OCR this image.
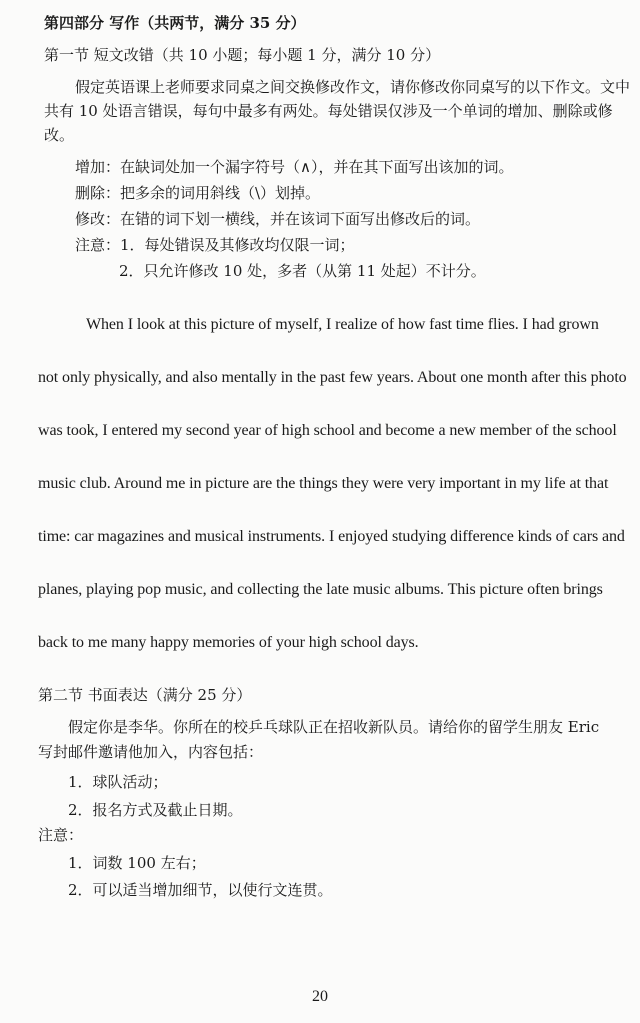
第四部分 写作（共两节，满分 35 分）
第一节 短文改错（共 10 小题；每小题 1 分，满分 10 分）
假定英语课上老师要求同桌之间交换修改作文，请你修改你同桌写的以下作文。文中
共有 10 处语言错误，每句中最多有两处。每处错误仅涉及一个单词的增加、删除或修
改。
增加：在缺词处加一个漏字符号（∧），并在其下面写出该加的词。
删除：把多余的词用斜线（\）划掉。
修改：在错的词下划一横线，并在该词下面写出修改后的词。
注意：1．每处错误及其修改均仅限一词；
2．只允许修改 10 处，多者（从第 11 处起）不计分。
When I look at this picture of myself, I realize of how fast time flies. I had grown
not only physically, and also mentally in the past few years. About one month after this photo
was took, I entered my second year of high school and become a new member of the school
music club. Around me in picture are the things they were very important in my life at that
time: car magazines and musical instruments. I enjoyed studying difference kinds of cars and
planes, playing pop music, and collecting the late music albums. This picture often brings
back to me many happy memories of your high school days.
第二节 书面表达（满分 25 分）
假定你是李华。你所在的校乒乓球队正在招收新队员。请给你的留学生朋友 Eric
写封邮件邀请他加入，内容包括：
1．球队活动；
2．报名方式及截止日期。
注意：
1．词数 100 左右；
2．可以适当增加细节，以使行文连贯。
20
